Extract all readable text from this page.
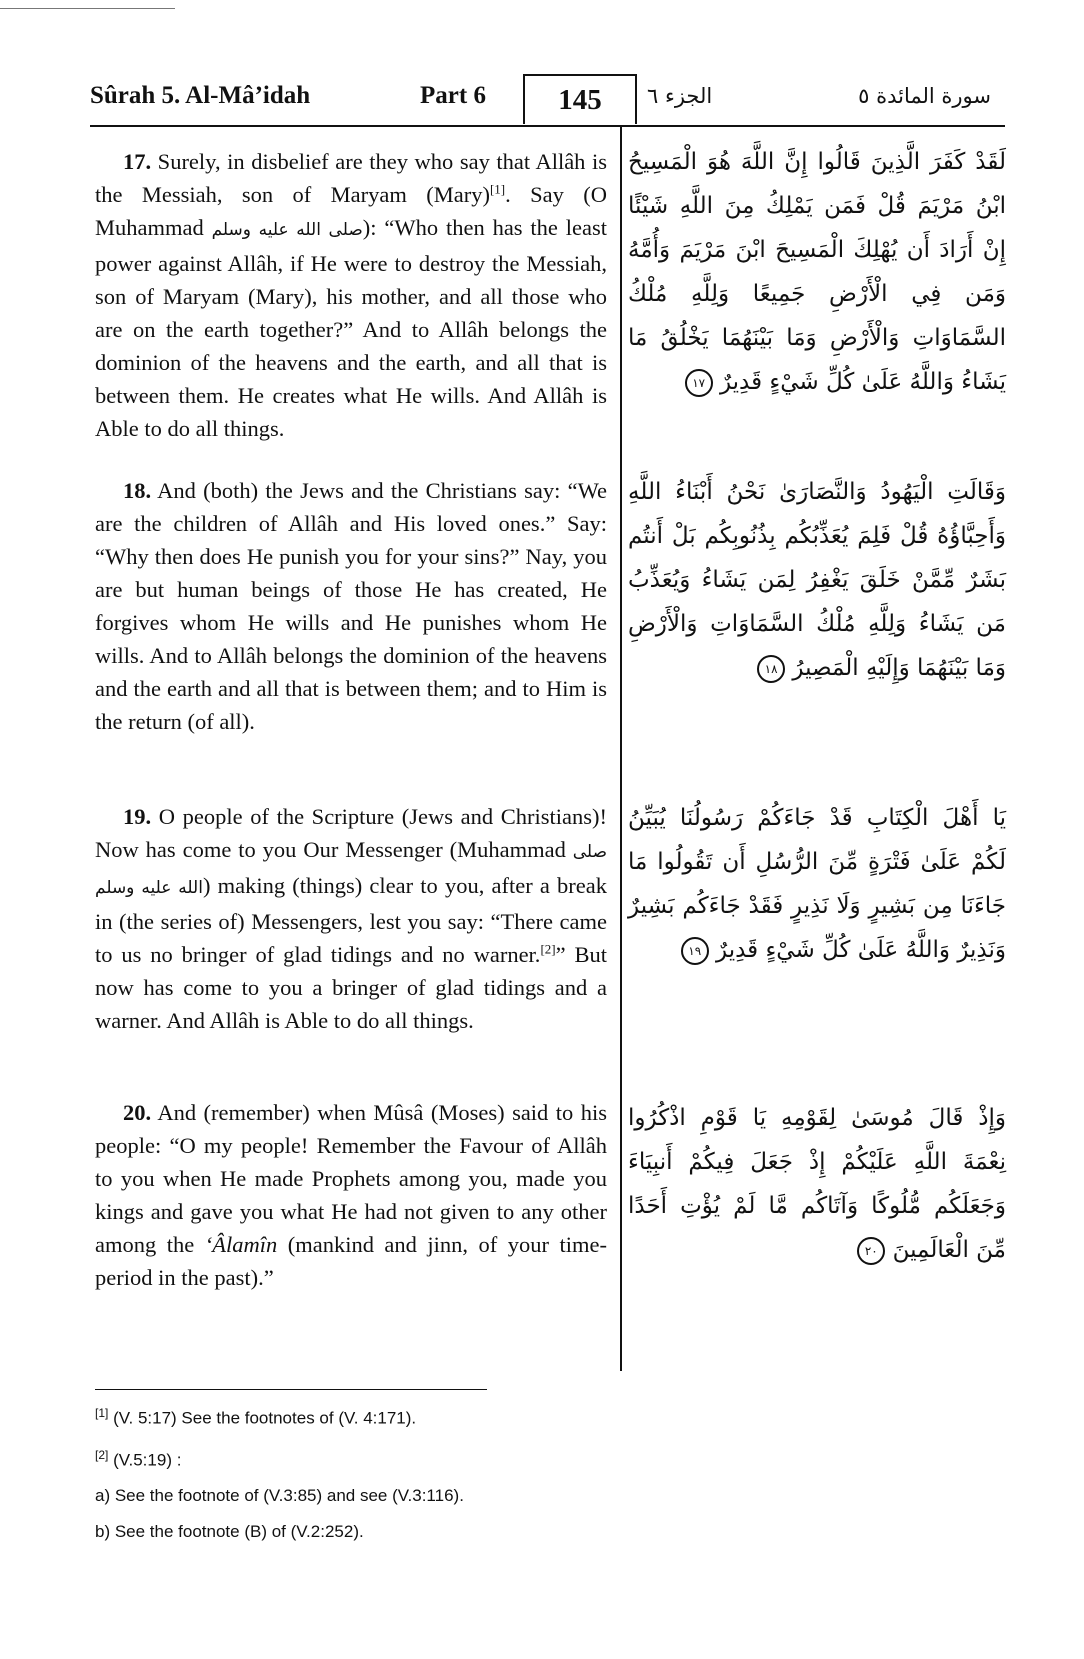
Sûrah 5. Al-Mâ’idah	Part 6	145	الجزء ٦	سورة المائدة ٥
17. Surely, in disbelief are they who say that Allâh is the Messiah, son of Maryam (Mary)[1]. Say (O Muhammad صلى الله عليه وسلم): “Who then has the least power against Allâh, if He were to destroy the Messiah, son of Maryam (Mary), his mother, and all those who are on the earth together?” And to Allâh belongs the dominion of the heavens and the earth, and all that is between them. He creates what He wills. And Allâh is Able to do all things.
لَقَدْ كَفَرَ الَّذِينَ قَالُوا إِنَّ اللَّهَ هُوَ الْمَسِيحُ ابْنُ مَرْيَمَ قُلْ فَمَن يَمْلِكُ مِنَ اللَّهِ شَيْئًا إِنْ أَرَادَ أَن يُهْلِكَ الْمَسِيحَ ابْنَ مَرْيَمَ وَأُمَّهُ وَمَن فِي الْأَرْضِ جَمِيعًا وَلِلَّهِ مُلْكُ السَّمَاوَاتِ وَالْأَرْضِ وَمَا بَيْنَهُمَا يَخْلُقُ مَا يَشَاءُ وَاللَّهُ عَلَىٰ كُلِّ شَيْءٍ قَدِيرٌ ١٧
18. And (both) the Jews and the Christians say: “We are the children of Allâh and His loved ones.” Say: “Why then does He punish you for your sins?” Nay, you are but human beings of those He has created, He forgives whom He wills and He punishes whom He wills. And to Allâh belongs the dominion of the heavens and the earth and all that is between them; and to Him is the return (of all).
وَقَالَتِ الْيَهُودُ وَالنَّصَارَىٰ نَحْنُ أَبْنَاءُ اللَّهِ وَأَحِبَّاؤُهُ قُلْ فَلِمَ يُعَذِّبُكُم بِذُنُوبِكُم بَلْ أَنتُم بَشَرٌ مِّمَّنْ خَلَقَ يَغْفِرُ لِمَن يَشَاءُ وَيُعَذِّبُ مَن يَشَاءُ وَلِلَّهِ مُلْكُ السَّمَاوَاتِ وَالْأَرْضِ وَمَا بَيْنَهُمَا وَإِلَيْهِ الْمَصِيرُ ١٨
19. O people of the Scripture (Jews and Christians)! Now has come to you Our Messenger (Muhammad صلى الله عليه وسلم) making (things) clear to you, after a break in (the series of) Messengers, lest you say: “There came to us no bringer of glad tidings and no warner.[2]” But now has come to you a bringer of glad tidings and a warner. And Allâh is Able to do all things.
يَا أَهْلَ الْكِتَابِ قَدْ جَاءَكُمْ رَسُولُنَا يُبَيِّنُ لَكُمْ عَلَىٰ فَتْرَةٍ مِّنَ الرُّسُلِ أَن تَقُولُوا مَا جَاءَنَا مِن بَشِيرٍ وَلَا نَذِيرٍ فَقَدْ جَاءَكُم بَشِيرٌ وَنَذِيرٌ وَاللَّهُ عَلَىٰ كُلِّ شَيْءٍ قَدِيرٌ ١٩
20. And (remember) when Mûsâ (Moses) said to his people: “O my people! Remember the Favour of Allâh to you when He made Prophets among you, made you kings and gave you what He had not given to any other among the ‘Âlamîn (mankind and jinn, of your time-period in the past).”
وَإِذْ قَالَ مُوسَىٰ لِقَوْمِهِ يَا قَوْمِ اذْكُرُوا نِعْمَةَ اللَّهِ عَلَيْكُمْ إِذْ جَعَلَ فِيكُمْ أَنبِيَاءَ وَجَعَلَكُم مُّلُوكًا وَآتَاكُم مَّا لَمْ يُؤْتِ أَحَدًا مِّنَ الْعَالَمِينَ ٢٠
[1] (V. 5:17) See the footnotes of (V. 4:171).
[2] (V.5:19) :
a) See the footnote of (V.3:85) and see (V.3:116).
b) See the footnote (B) of (V.2:252).
